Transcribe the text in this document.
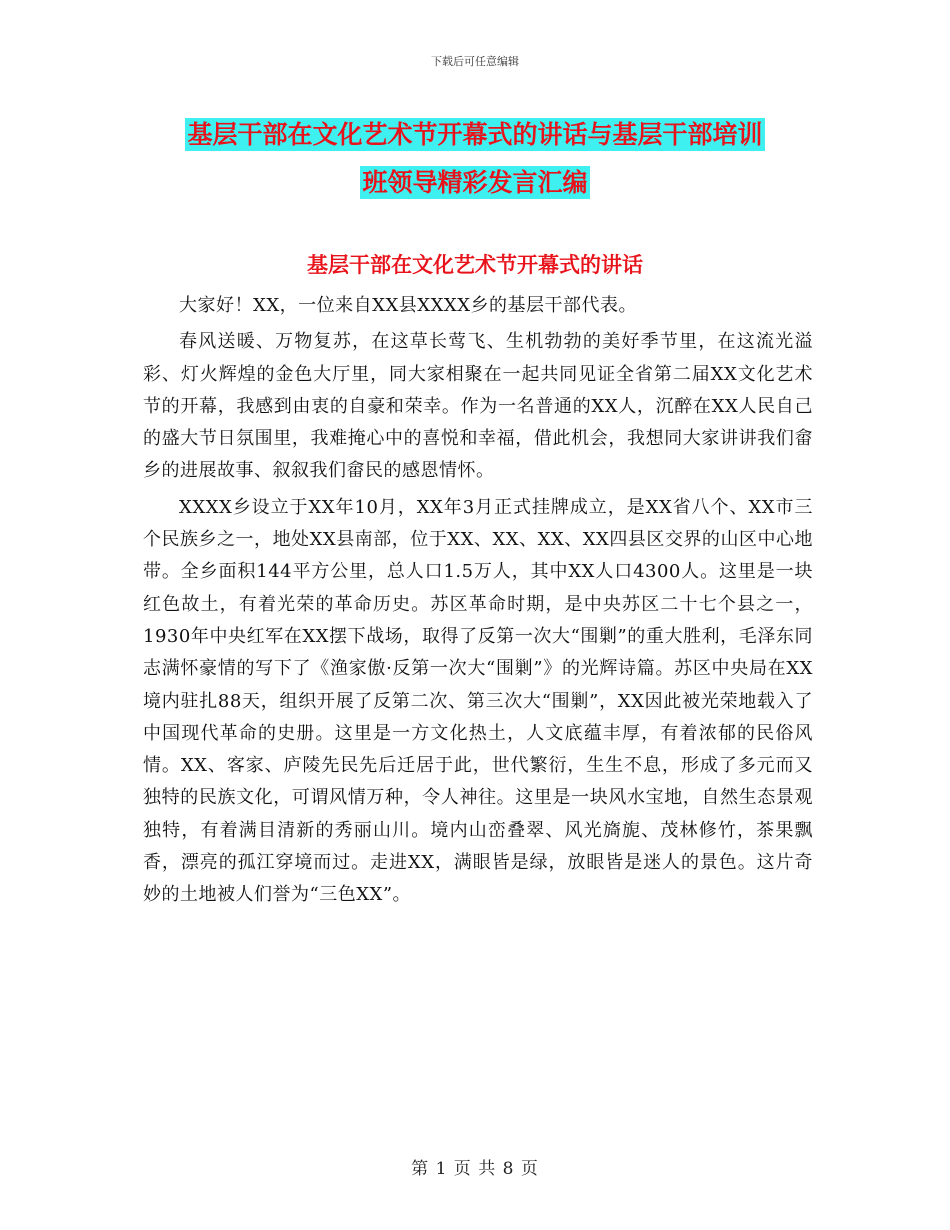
下载后可任意编辑
基层干部在文化艺术节开幕式的讲话与基层干部培训
班领导精彩发言汇编
基层干部在文化艺术节开幕式的讲话

大家好！XX，一位来自XX县XXXX乡的基层干部代表。

春风送暖、万物复苏，在这草长莺飞、生机勃勃的美好季节里，在这流光溢彩、灯火辉煌的金色大厅里，同大家相聚在一起共同见证全省第二届XX文化艺术节的开幕，我感到由衷的自豪和荣幸。作为一名普通的XX人，沉醉在XX人民自己的盛大节日氛围里，我难掩心中的喜悦和幸福，借此机会，我想同大家讲讲我们畲乡的进展故事、叙叙我们畲民的感恩情怀。

XXXX乡设立于XX年10月，XX年3月正式挂牌成立，是XX省八个、XX市三个民族乡之一，地处XX县南部，位于XX、XX、XX、XX四县区交界的山区中心地带。全乡面积144平方公里，总人口1.5万人，其中XX人口4300人。这里是一块红色故土，有着光荣的革命历史。苏区革命时期，是中央苏区二十七个县之一，1930年中央红军在XX摆下战场，取得了反第一次大“围剿”的重大胜利，毛泽东同志满怀豪情的写下了《渔家傲·反第一次大“围剿”》的光辉诗篇。苏区中央局在XX境内驻扎88天，组织开展了反第二次、第三次大“围剿”，XX因此被光荣地载入了中国现代革命的史册。这里是一方文化热土，人文底蕴丰厚，有着浓郁的民俗风情。XX、客家、庐陵先民先后迁居于此，世代繁衍，生生不息，形成了多元而又独特的民族文化，可谓风情万种，令人神往。这里是一块风水宝地，自然生态景观独特，有着满目清新的秀丽山川。境内山峦叠翠、风光旖旎、茂林修竹，茶果飘香，漂亮的孤江穿境而过。走进XX，满眼皆是绿，放眼皆是迷人的景色。这片奇妙的土地被人们誉为“三色XX”。

第 1 页 共 8 页
